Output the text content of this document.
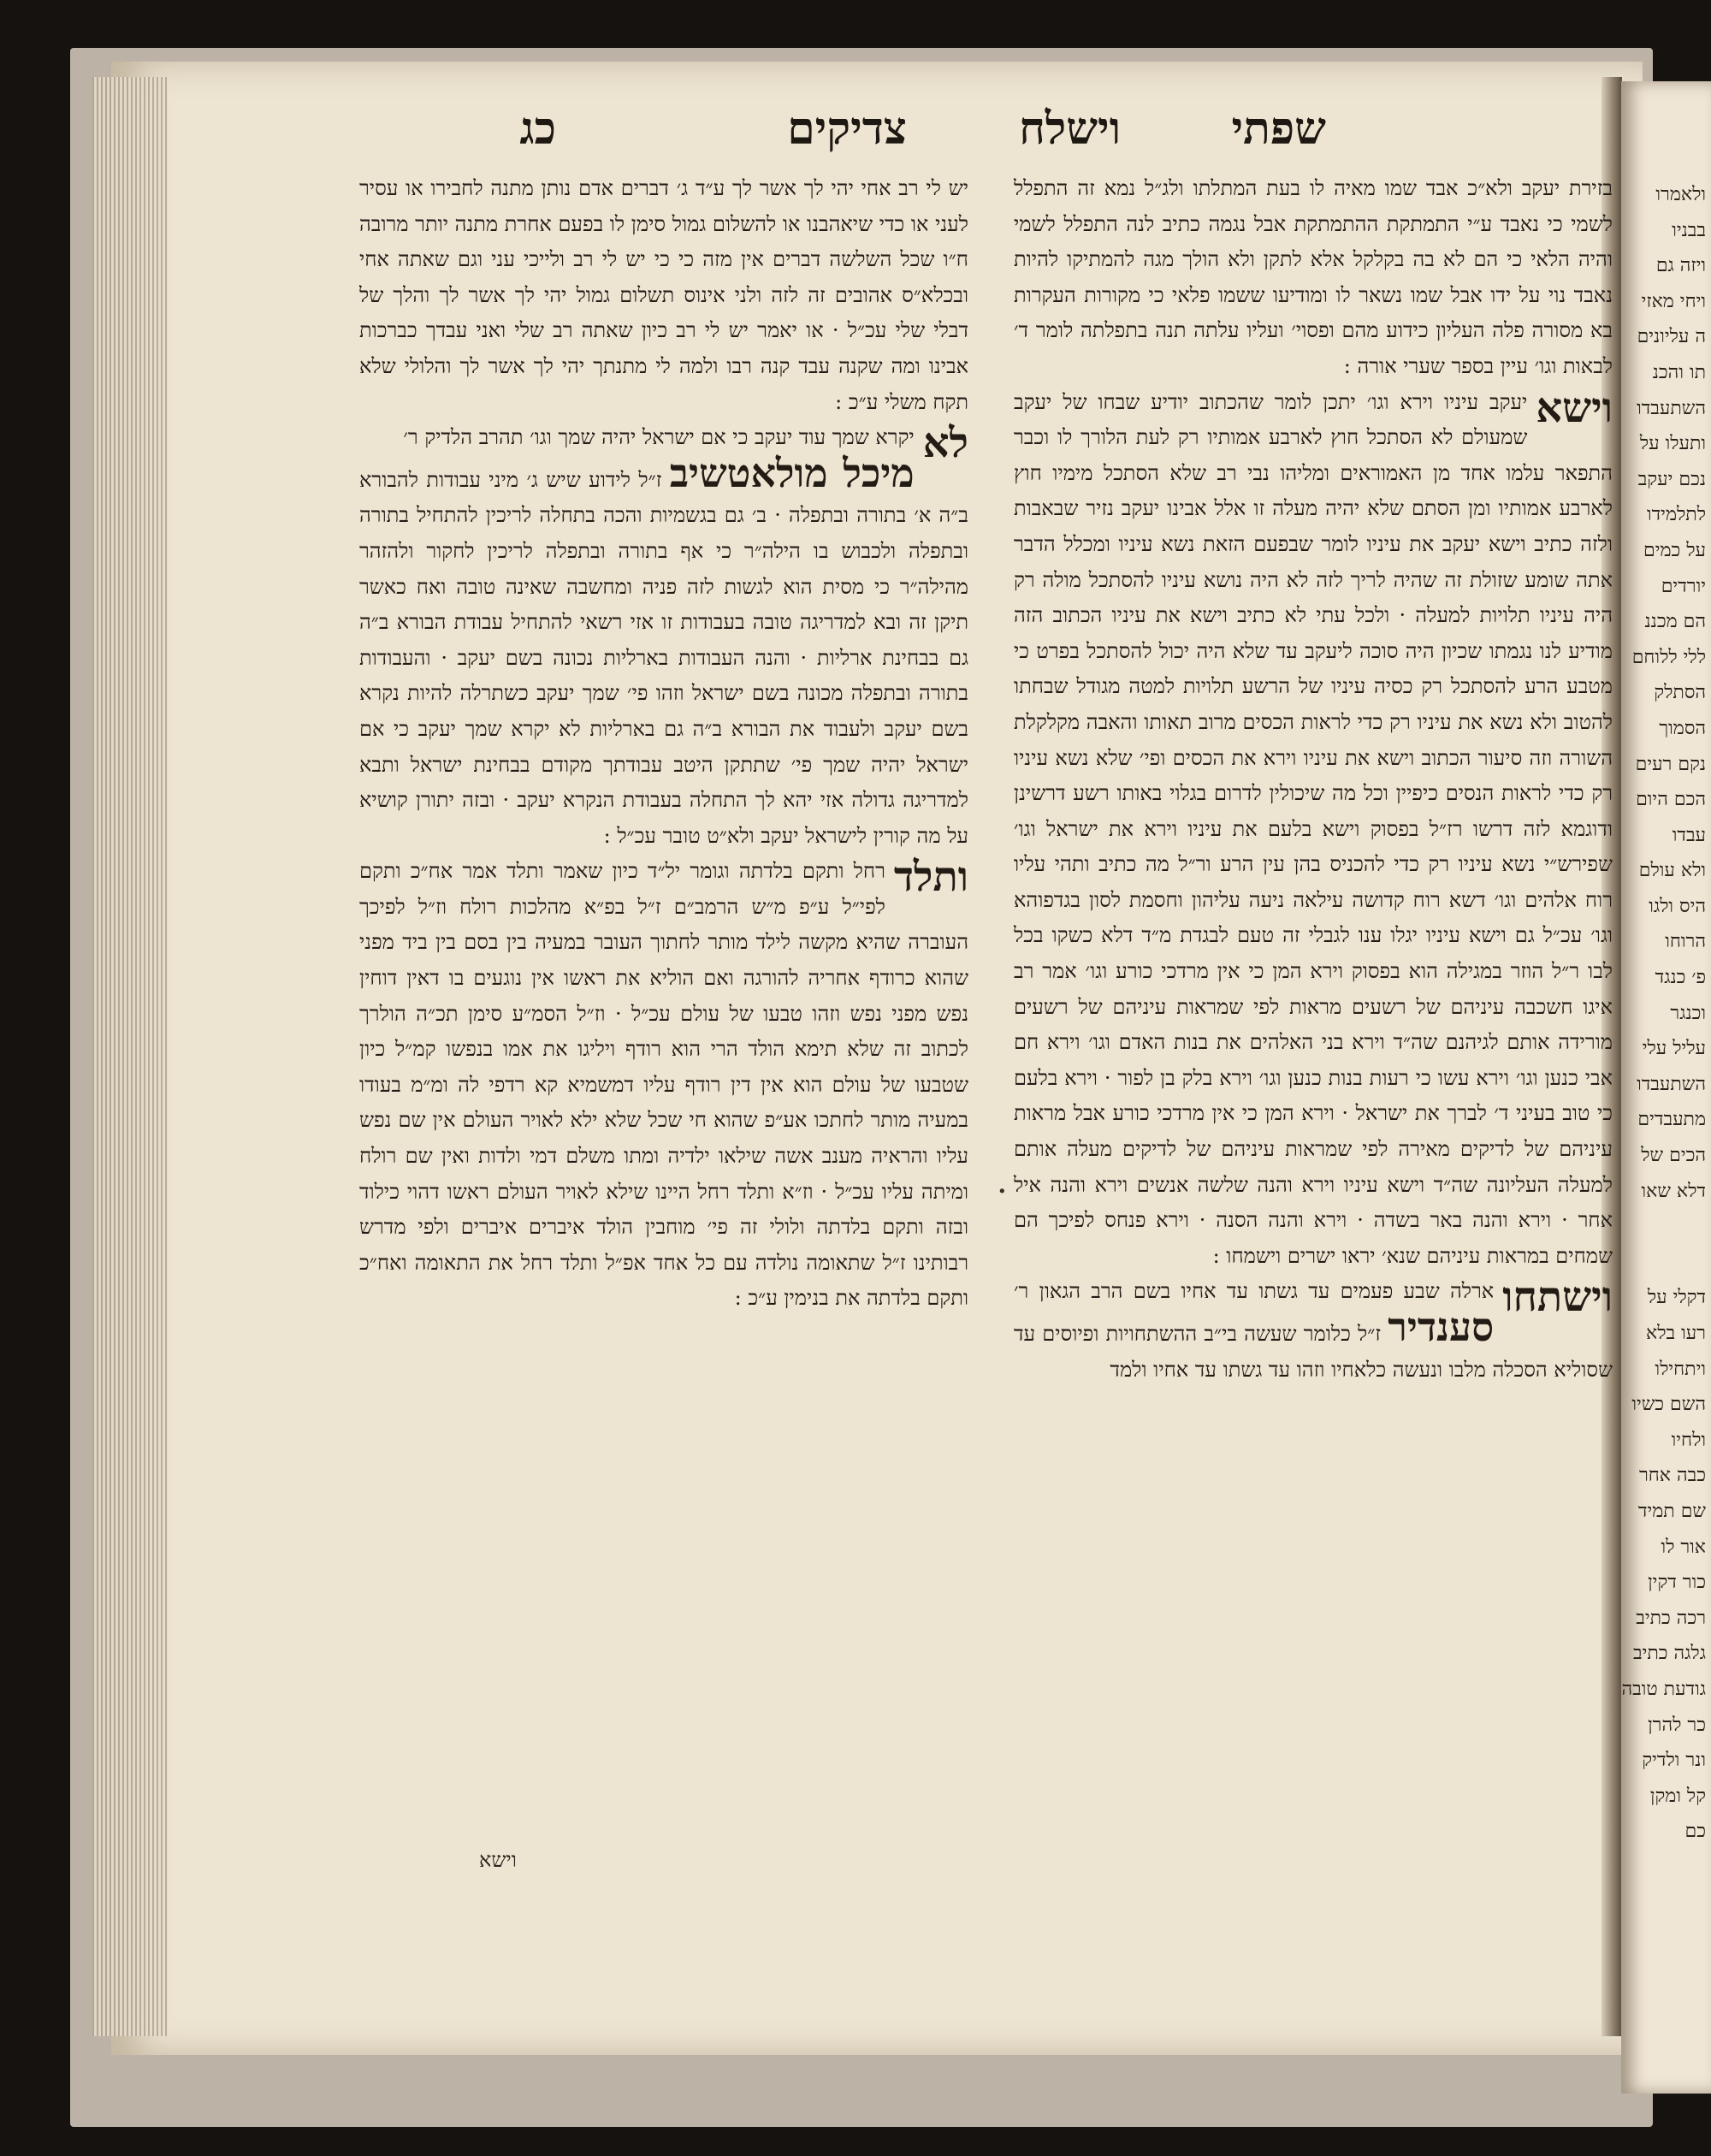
ולאמרו
בבניו
ויזה גם
ויחי מאזי
ה עליונים
תו והכנ
השתעבדו
ותעלו על
נכם יעקב
לתלמידו
על כמים
יורדים
הם מכננ
ללי ללוחם
הסתלק
הסמוך
נקם רעים
הכם היום
עבדו
ולא עולם
היס ולגו
הרוחו
פ׳ כנגד
וכנגר
עליל עלי
השתעבדו
מתעבדים
הכים של
דלא שאו

דקלי על
רעו בלא
ויתחילו
השם כשיו
ולחיו
כבה אחר
שם תמיד
אור לו
כור דקין
רכה כתיב
גלגה כתיב
גודעת טובה
כר להרן
ונר ולדיק
קל ומקן
כם
שפתי
וישלח
צדיקים
כג

בזירת יעקב ולא״כ אבד שמו מאיה לו בעת המתלתו ולג״ל נמא זה התפלל לשמי כי נאבד ע״י התמתקת ההתמתקת אבל נגמה כתיב לנה התפלל לשמי והיה הלאי כי הם לא בה בקלקל אלא לתקן ולא הולך מגה להמתיקו להיות נאבד נוי על ידו אבל שמו נשאר לו ומודיעו ששמו פלאי כי מקורות העקרות בא מסורה פלה העליון כידוע מהם ופסוי׳ ועליו עלתה תנה בתפלתה לומר ד׳ לבאות וגו׳ עיין בספר שערי אורה :

וישא
יעקב עיניו וירא וגו׳ יתכן לומר שהכתוב יודיע שבחו של יעקב שמעולם לא הסתכל חוץ לארבע אמותיו רק לעת הלורך לו וכבר התפאר עלמו אחד מן האמוראים ומליהו נבי רב שלא הסתכל מימיו חוץ לארבע אמותיו ומן הסתם שלא יהיה מעלה זו אלל אבינו יעקב נזיר שבאבות ולזה כתיב וישא יעקב את עיניו לומר שבפעם הזאת נשא עיניו ומכלל הדבר אתה שומע שזולת זה שהיה לריך לזה לא היה נושא עיניו להסתכל מולה רק היה עיניו תלויות למעלה · ולכל עתי לא כתיב וישא את עיניו הכתוב הזה מודיע לנו נגמתו שכיון היה סוכה ליעקב עד שלא היה יכול להסתכל בפרט כי מטבע הרע להסתכל רק כסיה עיניו של הרשע תלויות למטה מגודל שבחתו להטוב ולא נשא את עיניו רק כדי לראות הכסים מרוב תאותו והאבה מקלקלת השורה וזה סיעור הכתוב וישא את עיניו וירא את הכסים ופי׳ שלא נשא עיניו רק כדי לראות הנסים כיפיין וכל מה שיכולין לדרום בגלוי באותו רשע דרשינן ודוגמא לזה דרשו רז״ל בפסוק וישא בלעם את עיניו וירא את ישראל וגו׳ שפירש״י נשא עיניו רק כדי להכניס בהן עין הרע ור״ל מה כתיב ותהי עליו רוח אלהים וגו׳ דשא רוח קדושה עילאה ניעה עליהון וחסמת לסון בגדפוהא וגו׳ עכ״ל גם וישא עיניו יגלו ענו לגבלי זה טעם לבגדת מ״ד דלא כשקו בכל לבו ר״ל הוזר במגילה הוא בפסוק וירא המן כי אין מרדכי כורע וגו׳ אמר רב איגו חשכבה עיניהם של רשעים מראות לפי שמראות עיניהם של רשעים מורידה אותם לגיהנם שה״ד וירא בני האלהים את בנות האדם וגו׳ וירא חם אבי כנען וגו׳ וירא עשו כי רעות בנות כנען וגו׳ וירא בלק בן לפור · וירא בלעם כי טוב בעיני ד׳ לברך את ישראל · וירא המן כי אין מרדכי כורע אבל מראות עיניהם של לדיקים מאירה לפי שמראות עיניהם של לדיקים מעלה אותם למעלה העליונה שה״ד וישא עיניו וירא והנה שלשה אנשים וירא והנה איל אחר · וירא והנה באר בשדה · וירא והנה הסנה · וירא פנחס לפיכך הם שמחים במראות עיניהם שנא׳ יראו ישרים וישמחו :

וישתחו
ארלה שבע פעמים עד גשתו עד אחיו בשם הרב הגאון ר׳ סענדיר ז״ל כלומר שעשה בי״ב ההשתחויות ופיוסים עד שסוליא הסכלה מלבו ונעשה כלאחיו וזהו עד גשתו עד אחיו ולמד

יש לי רב אחי יהי לך אשר לך ע״ד ג׳ דברים אדם נותן מתנה לחבירו או עסיר לעני או כדי שיאהבנו או להשלום גמול סימן לו בפעם אחרת מתנה יותר מרובה ח״ו שכל השלשה דברים אין מזה כי כי יש לי רב ולייכי עני וגם שאתה אחי ובכלא״ס אהובים זה לזה ולני אינוס תשלום גמול יהי לך אשר לך והלך של דבלי שלי עכ״ל · או יאמר יש לי רב כיון שאתה רב שלי ואני עבדך כברכות אבינו ומה שקנה עבד קנה רבו ולמה לי מתנתך יהי לך אשר לך והלולי שלא תקח משלי ע״כ :

לא
יקרא שמך עוד יעקב כי אם ישראל יהיה שמך וגו׳ תהרב הלדיק ר׳
מיכל מולאטשיב ז״ל לידוע שיש ג׳ מיני עבודות להבורא ב״ה א׳ בתורה ובתפלה · ב׳ גם בגשמיות והכה בתחלה לריכין להתחיל בתורה ובתפלה ולכבוש בו הילה״ר כי אף בתורה ובתפלה לריכין לחקור ולהזהר מהילה״ר כי מסית הוא לגשות לזה פניה ומחשבה שאינה טובה ואח כאשר תיקן זה ובא למדריגה טובה בעבודות זו אזי רשאי להתחיל עבודת הבורא ב״ה גם בבחינת ארליות · והנה העבודות בארליות נכונה בשם יעקב · והעבודות בתורה ובתפלה מכונה בשם ישראל וזהו פי׳ שמך יעקב כשתרלה להיות נקרא בשם יעקב ולעבוד את הבורא ב״ה גם בארליות לא יקרא שמך יעקב כי אם ישראל יהיה שמך פי׳ שתתקן היטב עבודתך מקודם בבחינת ישראל ותבא למדריגה גדולה אזי יהא לך התחלה בעבודת הנקרא יעקב · ובזה יתורן קושיא על מה קורין לישראל יעקב ולא״ט טובר עכ״ל :

ותלד
רחל ותקם בלדתה וגומר יל״ד כיון שאמר ותלד אמר אח״כ ותקם לפי״ל ע״פ מ״ש הרמב״ם ז״ל בפ״א מהלכות רולח וז״ל לפיכך העוברה שהיא מקשה לילד מותר לחתוך העובר במעיה בין בסם בין ביד מפני שהוא כרודף אחריה להורגה ואם הוליא את ראשו אין נוגעים בו דאין דוחין נפש מפני נפש וזהו טבעו של עולם עכ״ל · וז״ל הסמ״ע סימן תכ״ה הולרך לכתוב זה שלא תימא הולד הרי הוא רודף ויליגו את אמו בנפשו קמ״ל כיון שטבעו של עולם הוא אין דין רודף עליו דמשמיא קא רדפי לה ומ״מ בעודו במעיה מותר לחתכו אע״פ שהוא חי שכל שלא ילא לאויר העולם אין שם נפש עליו והראיה מענב אשה שילאו ילדיה ומתו משלם דמי ולדות ואין שם רולח ומיתה עליו עכ״ל · וז״א ותלד רחל היינו שילא לאויר העולם ראשו דהוי כילוד ובזה ותקם בלדתה ולולי זה פי׳ מוחבין הולד איברים איברים ולפי מדרש רבותינו ז״ל שתאומה נולדה עם כל אחד אפ״ל ותלד רחל את התאומה ואח״כ ותקם בלדתה את בנימין ע״כ :

וישא
·
